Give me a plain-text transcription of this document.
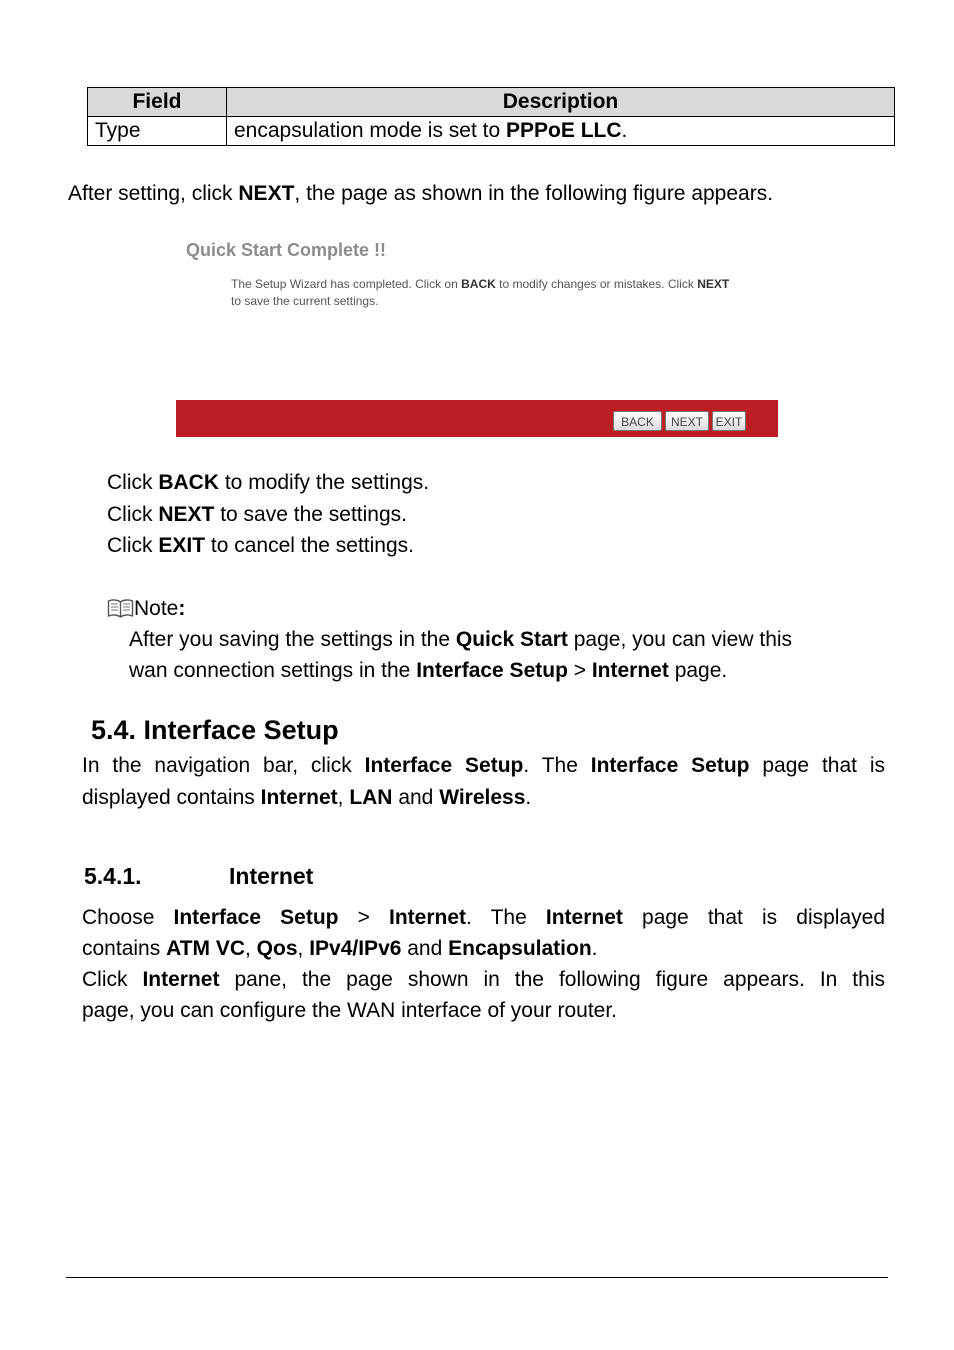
Field	Description
Type	encapsulation mode is set to PPPoE LLC.
After setting, click NEXT, the page as shown in the following figure appears.
Quick Start Complete !!
The Setup Wizard has completed. Click on BACK to modify changes or mistakes. Click NEXT
to save the current settings.
BACK	NEXT	EXIT
Click BACK to modify the settings.
Click NEXT to save the settings.
Click EXIT to cancel the settings.
Note:
After you saving the settings in the Quick Start page, you can view this
wan connection settings in the Interface Setup > Internet page.
5.4. Interface Setup
In the navigation bar, click Interface Setup. The Interface Setup page that is
displayed contains Internet, LAN and Wireless.
5.4.1.	Internet
Choose Interface Setup > Internet. The Internet page that is displayed
contains ATM VC, Qos, IPv4/IPv6 and Encapsulation.
Click Internet pane, the page shown in the following figure appears. In this
page, you can configure the WAN interface of your router.
